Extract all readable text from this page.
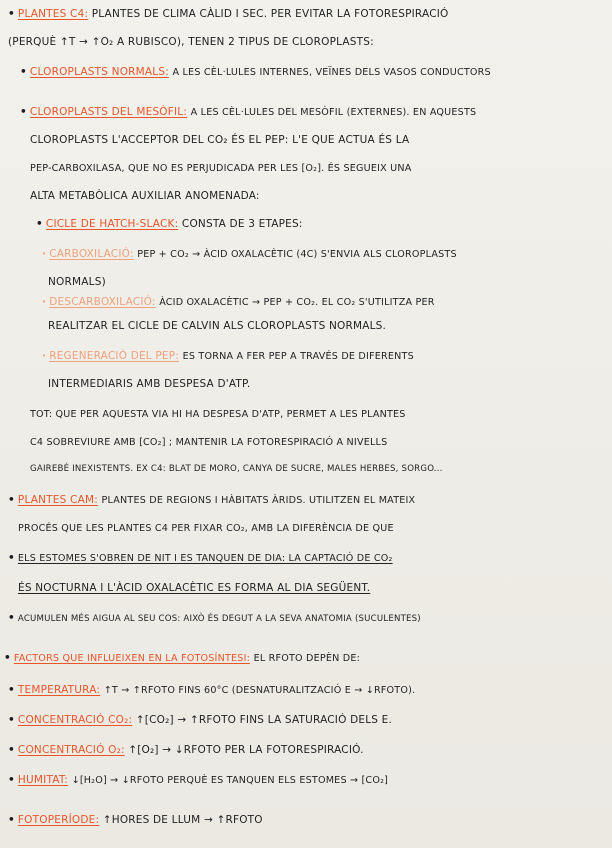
• PLANTES C4: PLANTES DE CLIMA CÀLID I SEC. PER EVITAR LA FOTORESPIRACIÓ
(PERQUÈ ↑T → ↑O₂ A RUBISCO), TENEN 2 TIPUS DE CLOROPLASTS:
• CLOROPLASTS NORMALS: A LES CÈL·LULES INTERNES, VEÏNES DELS VASOS CONDUCTORS
• CLOROPLASTS DEL MESÒFIL: A LES CÈL·LULES DEL MESÒFIL (EXTERNES). EN AQUESTS
CLOROPLASTS L'ACCEPTOR DEL CO₂ ÉS EL PEP: L'E QUE ACTUA ÉS LA
PEP-CARBOXILASA, QUE NO ES PERJUDICADA PER LES [O₂]. ÉS SEGUEIX UNA
ALTA METABÒLICA AUXILIAR ANOMENADA:
• CICLE DE HATCH-SLACK: CONSTA DE 3 ETAPES:
· CARBOXILACIÓ: PEP + CO₂ → ÀCID OXALACÈTIC (4C) S'ENVIA ALS CLOROPLASTS
NORMALS)
· DESCARBOXILACIÓ: ÀCID OXALACÈTIC → PEP + CO₂. EL CO₂ S'UTILITZA PER
REALITZAR EL CICLE DE CALVIN ALS CLOROPLASTS NORMALS.
· REGENERACIÓ DEL PEP: ES TORNA A FER PEP A TRAVÉS DE DIFERENTS
INTERMEDIARIS AMB DESPESA D'ATP.
TOT: QUE PER AQUESTA VIA HI HA DESPESA D'ATP, PERMET A LES PLANTES
C4 SOBREVIURE AMB [CO₂] ; MANTENIR LA FOTORESPIRACIÓ A NIVELLS
GAIREBÉ INEXISTENTS. EX C4: BLAT DE MORO, CANYA DE SUCRE, MALES HERBES, SORGO...
• PLANTES CAM: PLANTES DE REGIONS I HÀBITATS ÀRIDS. UTILITZEN EL MATEIX
PROCÉS QUE LES PLANTES C4 PER FIXAR CO₂, AMB LA DIFERÈNCIA DE QUE
• ELS ESTOMES S'OBREN DE NIT I ES TANQUEN DE DIA: LA CAPTACIÓ DE CO₂
ÉS NOCTURNA I L'ÀCID OXALACÈTIC ES FORMA AL DIA SEGÜENT.
• ACUMULEN MÉS AIGUA AL SEU COS: AIXÒ ÉS DEGUT A LA SEVA ANATOMIA (SUCULENTES)
• FACTORS QUE INFLUEIXEN EN LA FOTOSÍNTESI: EL RFOTO DEPÈN DE:
• TEMPERATURA: ↑T → ↑RFOTO FINS 60°C (DESNATURALITZACIÓ E → ↓RFOTO).
• CONCENTRACIÓ CO₂: ↑[CO₂] → ↑RFOTO FINS LA SATURACIÓ DELS E.
• CONCENTRACIÓ O₂: ↑[O₂] → ↓RFOTO PER LA FOTORESPIRACIÓ.
• HUMITAT: ↓[H₂O] → ↓RFOTO PERQUÈ ES TANQUEN ELS ESTOMES → [CO₂]
• FOTOPERÍODE: ↑HORES DE LLUM → ↑RFOTO
